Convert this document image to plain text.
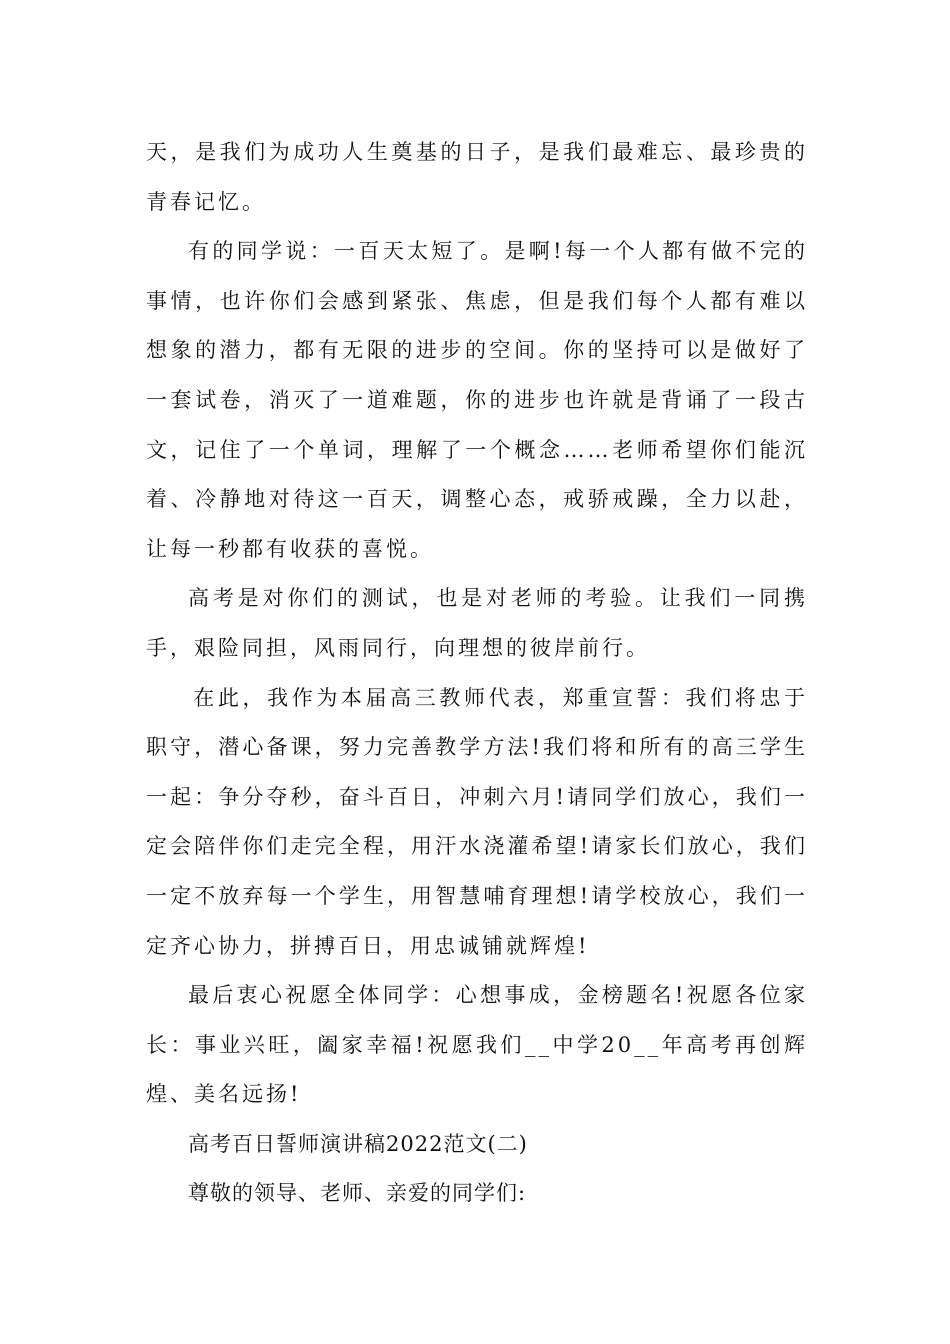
天，是我们为成功人生奠基的日子，是我们最难忘、最珍贵的青春记忆。

有的同学说：一百天太短了。是啊!每一个人都有做不完的事情，也许你们会感到紧张、焦虑，但是我们每个人都有难以想象的潜力，都有无限的进步的空间。你的坚持可以是做好了一套试卷，消灭了一道难题，你的进步也许就是背诵了一段古文，记住了一个单词，理解了一个概念……老师希望你们能沉着、冷静地对待这一百天，调整心态，戒骄戒躁，全力以赴，让每一秒都有收获的喜悦。

高考是对你们的测试，也是对老师的考验。让我们一同携手，艰险同担，风雨同行，向理想的彼岸前行。

在此，我作为本届高三教师代表，郑重宣誓：我们将忠于职守，潜心备课，努力完善教学方法!我们将和所有的高三学生一起：争分夺秒，奋斗百日，冲刺六月!请同学们放心，我们一定会陪伴你们走完全程，用汗水浇灌希望!请家长们放心，我们一定不放弃每一个学生，用智慧哺育理想!请学校放心，我们一定齐心协力，拼搏百日，用忠诚铺就辉煌!

最后衷心祝愿全体同学：心想事成，金榜题名!祝愿各位家长：事业兴旺，阖家幸福!祝愿我们__中学20__年高考再创辉煌、美名远扬!

高考百日誓师演讲稿2022范文(二)

尊敬的领导、老师、亲爱的同学们:
